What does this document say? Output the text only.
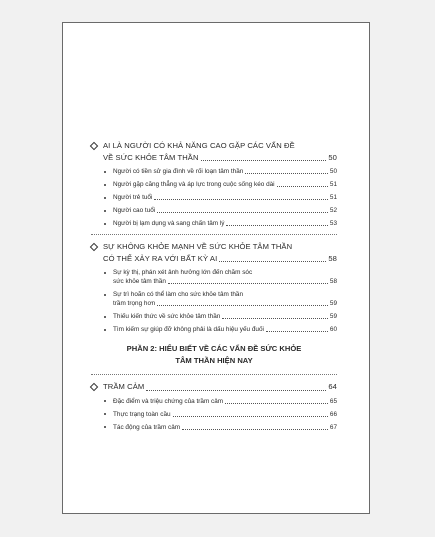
AI LÀ NGƯỜI CÓ KHẢ NĂNG CAO GẶP CÁC VẤN ĐỀ
VỀ SỨC KHỎE TÂM THẦN	50
Người có tiền sử gia đình về rối loạn tâm thần	50
Người gặp căng thẳng và áp lực trong cuộc sống kéo dài	51
Người trẻ tuổi	51
Người cao tuổi	52
Người bị lạm dụng và sang chấn tâm lý	53
SỰ KHÔNG KHỎE MẠNH VỀ SỨC KHỎE TÂM THẦN
CÓ THỂ XẢY RA VỚI BẤT KỲ AI	58
Sự kỳ thị, phán xét ảnh hưởng lớn đến chăm sóc
sức khỏe tâm thần	58
Sự trì hoãn có thể làm cho sức khỏe tâm thần
trầm trọng hơn	59
Thiếu kiến thức về sức khỏe tâm thần	59
Tìm kiếm sự giúp đỡ không phải là dấu hiệu yếu đuối	60
PHẦN 2: HIỂU BIẾT VỀ CÁC VẤN ĐỀ SỨC KHỎE
TÂM THẦN HIỆN NAY
TRẦM CẢM	64
Đặc điểm và triệu chứng của trầm cảm	65
Thực trạng toàn cầu	66
Tác động của trầm cảm	67
